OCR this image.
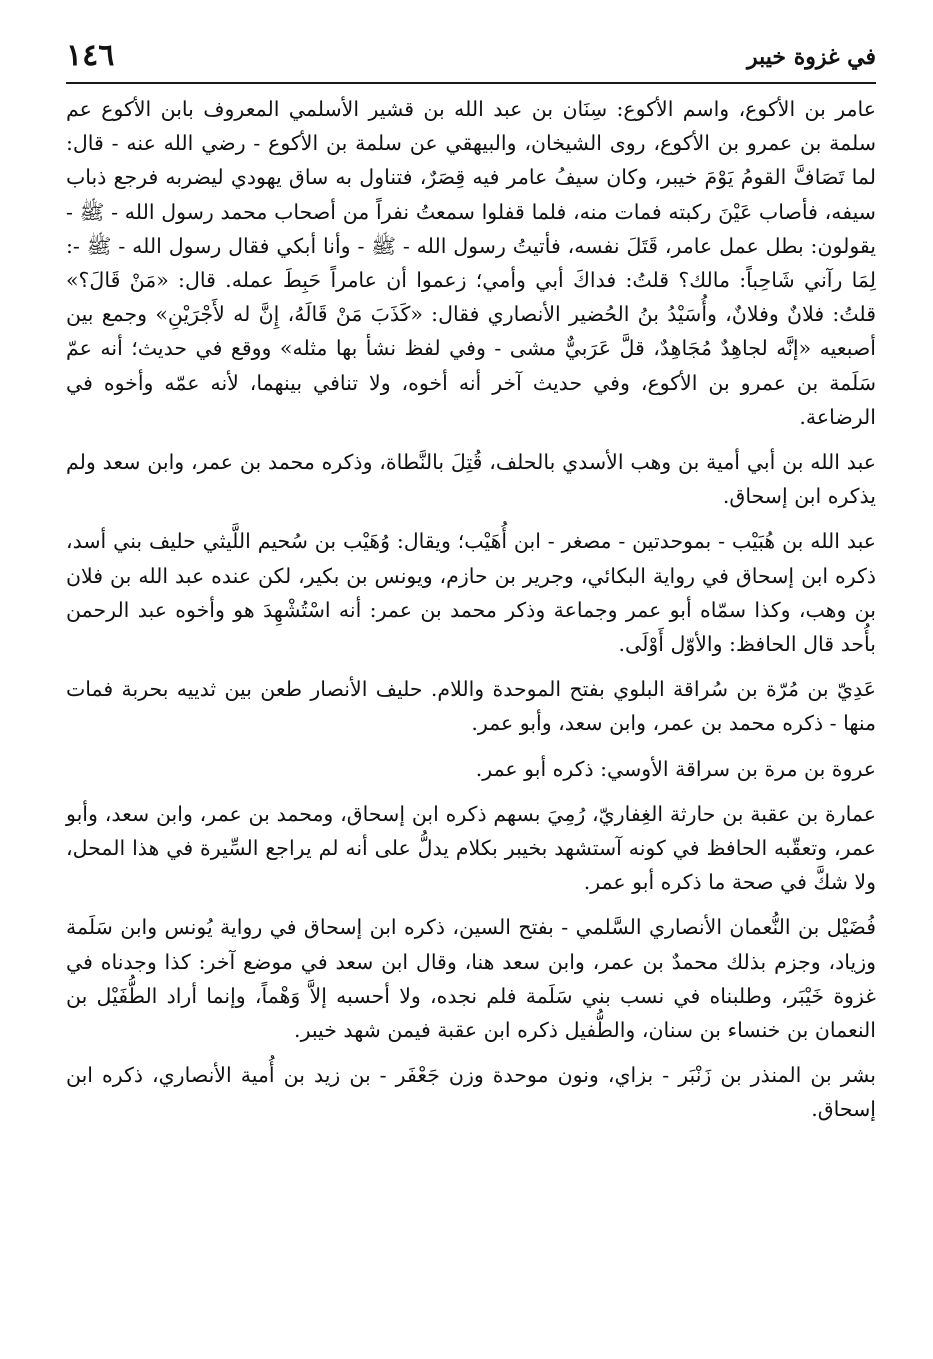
١٤٦	في غزوة خيبر

عامر بن الأكوع، واسم الأكوع: سِنَان بن عبد الله بن قشير الأسلمي المعروف بابن الأكوع عم سلمة بن عمرو بن الأكوع، روى الشيخان، والبيهقي عن سلمة بن الأكوع - رضي الله عنه - قال: لما تَصَافَّ القومُ يَوْمَ خيبر، وكان سيفُ عامر فيه قِصَرٌ، فتناول به ساق يهودي ليضربه فرجع ذباب سيفه، فأصاب عَيْنَ ركبته فمات منه، فلما قفلوا سمعتُ نفراً من أصحاب محمد رسول الله - ﷺ - يقولون: بطل عمل عامر، قَتَلَ نفسه، فأتيتُ رسول الله - ﷺ - وأنا أبكي فقال رسول الله - ﷺ -: لِمَا رآني شَاحِباً: مالك؟ قلتُ: فداكَ أبي وأمي؛ زعموا أن عامراً حَبِطَ عمله. قال: «مَنْ قَالَ؟» قلتُ: فلانٌ وفلانٌ، وأُسَيْدُ بنُ الحُضير الأنصاري فقال: «كَذَبَ مَنْ قَالَهُ، إِنَّ له لأَجْرَيْنِ» وجمع بين أصبعيه «إنَّه لجاهِدٌ مُجَاهِدٌ، قلَّ عَرَبيٌّ مشى - وفي لفظ نشأ بها مثله» ووقع في حديث؛ أنه عمّ سَلَمة بن عمرو بن الأكوع، وفي حديث آخر أنه أخوه، ولا تنافي بينهما، لأنه عمّه وأخوه في الرضاعة.

عبد الله بن أبي أمية بن وهب الأسدي بالحلف، قُتِلَ بالنَّطاة، وذكره محمد بن عمر، وابن سعد ولم يذكره ابن إسحاق.

عبد الله بن هُبَيْب - بموحدتين - مصغر - ابن أُهَيْب؛ ويقال: وُهَيْب بن سُحيم اللَّيثي حليف بني أسد، ذكره ابن إسحاق في رواية البكائي، وجرير بن حازم، ويونس بن بكير، لكن عنده عبد الله بن فلان بن وهب، وكذا سمّاه أبو عمر وجماعة وذكر محمد بن عمر: أنه اسْتُشْهِدَ هو وأخوه عبد الرحمن بأُحد قال الحافظ: والأوّل أَوْلَى.

عَدِيّ بن مُرّة بن سُراقة البلوي بفتح الموحدة واللام. حليف الأنصار طعن بين ثدييه بحربة فمات منها - ذكره محمد بن عمر، وابن سعد، وأبو عمر.

عروة بن مرة بن سراقة الأوسي: ذكره أبو عمر.

عمارة بن عقبة بن حارثة الغِفاريّ، رُمِيَ بسهم ذكره ابن إسحاق، ومحمد بن عمر، وابن سعد، وأبو عمر، وتعقّبه الحافظ في كونه آستشهد بخيبر بكلام يدلُّ على أنه لم يراجع السِّيرة في هذا المحل، ولا شكَّ في صحة ما ذكره أبو عمر.

فُضَيْل بن النُّعمان الأنصاري السَّلمي - بفتح السين، ذكره ابن إسحاق في رواية يُونس وابن سَلَمة وزياد، وجزم بذلك محمدٌ بن عمر، وابن سعد هنا، وقال ابن سعد في موضع آخر: كذا وجدناه في غزوة خَيْبَر، وطلبناه في نسب بني سَلَمة فلم نجده، ولا أحسبه إلاَّ وَهْماً، وإنما أراد الطُّفَيْل بن النعمان بن خنساء بن سنان، والطُّفيل ذكره ابن عقبة فيمن شهد خيبر.

بشر بن المنذر بن زَنْبَر - بزاي، ونون موحدة وزن جَعْفَر - بن زيد بن أُمية الأنصاري، ذكره ابن إسحاق.
